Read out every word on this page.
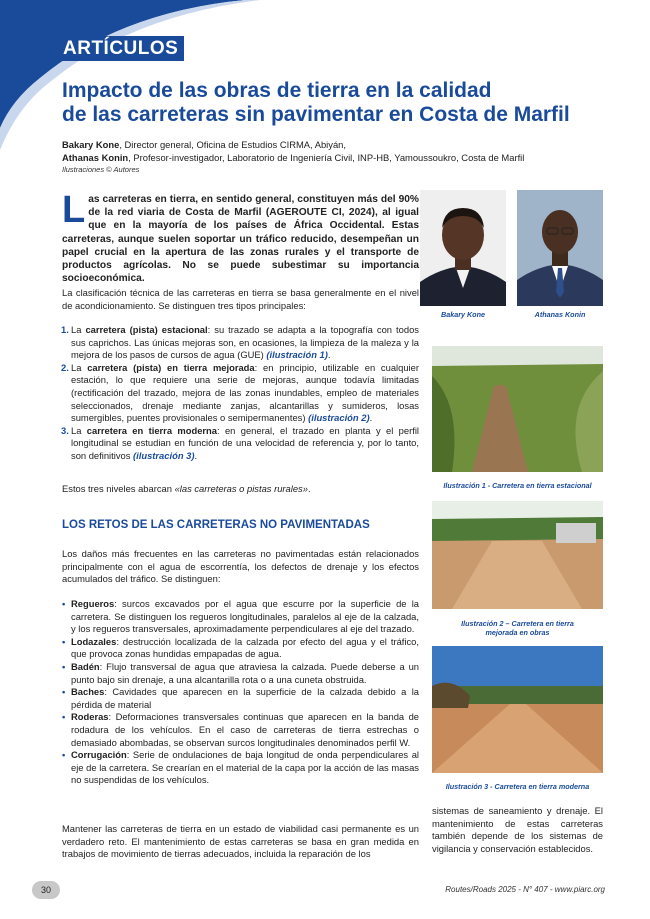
ARTÍCULOS
Impacto de las obras de tierra en la calidad
de las carreteras sin pavimentar en Costa de Marfil
Bakary Kone, Director general, Oficina de Estudios CIRMA, Abiyán,
Athanas Konin, Profesor-investigador, Laboratorio de Ingeniería Civil, INP-HB, Yamoussoukro, Costa de Marfil
Ilustraciones © Autores
Las carreteras en tierra, en sentido general, constituyen más del 90% de la red viaria de Costa de Marfil (AGEROUTE CI, 2024), al igual que en la mayoría de los países de África Occidental. Estas carreteras, aunque suelen soportar un tráfico reducido, desempeñan un papel crucial en la apertura de las zonas rurales y el transporte de productos agrícolas. No se puede subestimar su importancia socioeconómica.
La clasificación técnica de las carreteras en tierra se basa generalmente en el nivel de acondicionamiento. Se distinguen tres tipos principales:
1. La carretera (pista) estacional: su trazado se adapta a la topografía con todos sus caprichos. Las únicas mejoras son, en ocasiones, la limpieza de la maleza y la mejora de los pasos de cursos de agua (GUE) (ilustración 1).
2. La carretera (pista) en tierra mejorada: en principio, utilizable en cualquier estación, lo que requiere una serie de mejoras, aunque todavía limitadas (rectificación del trazado, mejora de las zonas inundables, empleo de materiales seleccionados, drenaje mediante zanjas, alcantarillas y sumideros, losas sumergibles, puentes provisionales o semipermanentes) (ilustración 2).
3. La carretera en tierra moderna: en general, el trazado en planta y el perfil longitudinal se estudian en función de una velocidad de referencia y, por lo tanto, son definitivos (ilustración 3).
Estos tres niveles abarcan «las carreteras o pistas rurales».
LOS RETOS DE LAS CARRETERAS NO PAVIMENTADAS
Los daños más frecuentes en las carreteras no pavimentadas están relacionados principalmente con el agua de escorrentía, los defectos de drenaje y los efectos acumulados del tráfico. Se distinguen:
• Regueros: surcos excavados por el agua que escurre por la superficie de la carretera. Se distinguen los regueros longitudinales, paralelos al eje de la calzada, y los regueros transversales, aproximadamente perpendiculares al eje del trazado.
• Lodazales: destrucción localizada de la calzada por efecto del agua y el tráfico, que provoca zonas hundidas empapadas de agua.
• Badén: Flujo transversal de agua que atraviesa la calzada. Puede deberse a un punto bajo sin drenaje, a una alcantarilla rota o a una cuneta obstruida.
• Baches: Cavidades que aparecen en la superficie de la calzada debido a la pérdida de material
• Roderas: Deformaciones transversales continuas que aparecen en la banda de rodadura de los vehículos. En el caso de carreteras de tierra estrechas o demasiado abombadas, se observan surcos longitudinales denominados perfil W.
• Corrugación: Serie de ondulaciones de baja longitud de onda perpendiculares al eje de la carretera. Se crearían en el material de la capa por la acción de las masas no suspendidas de los vehículos.
Mantener las carreteras de tierra en un estado de viabilidad casi permanente es un verdadero reto. El mantenimiento de estas carreteras se basa en gran medida en trabajos de movimiento de tierras adecuados, incluida la reparación de los
sistemas de saneamiento y drenaje. El mantenimiento de estas carreteras también depende de los sistemas de vigilancia y conservación establecidos.
Bakary Kone	Athanas Konin
Ilustración 1 - Carretera en tierra estacional
Ilustración 2 – Carretera en tierra
mejorada en obras
Ilustración 3 - Carretera en tierra moderna
30	Routes/Roads 2025 - N° 407 - www.piarc.org
